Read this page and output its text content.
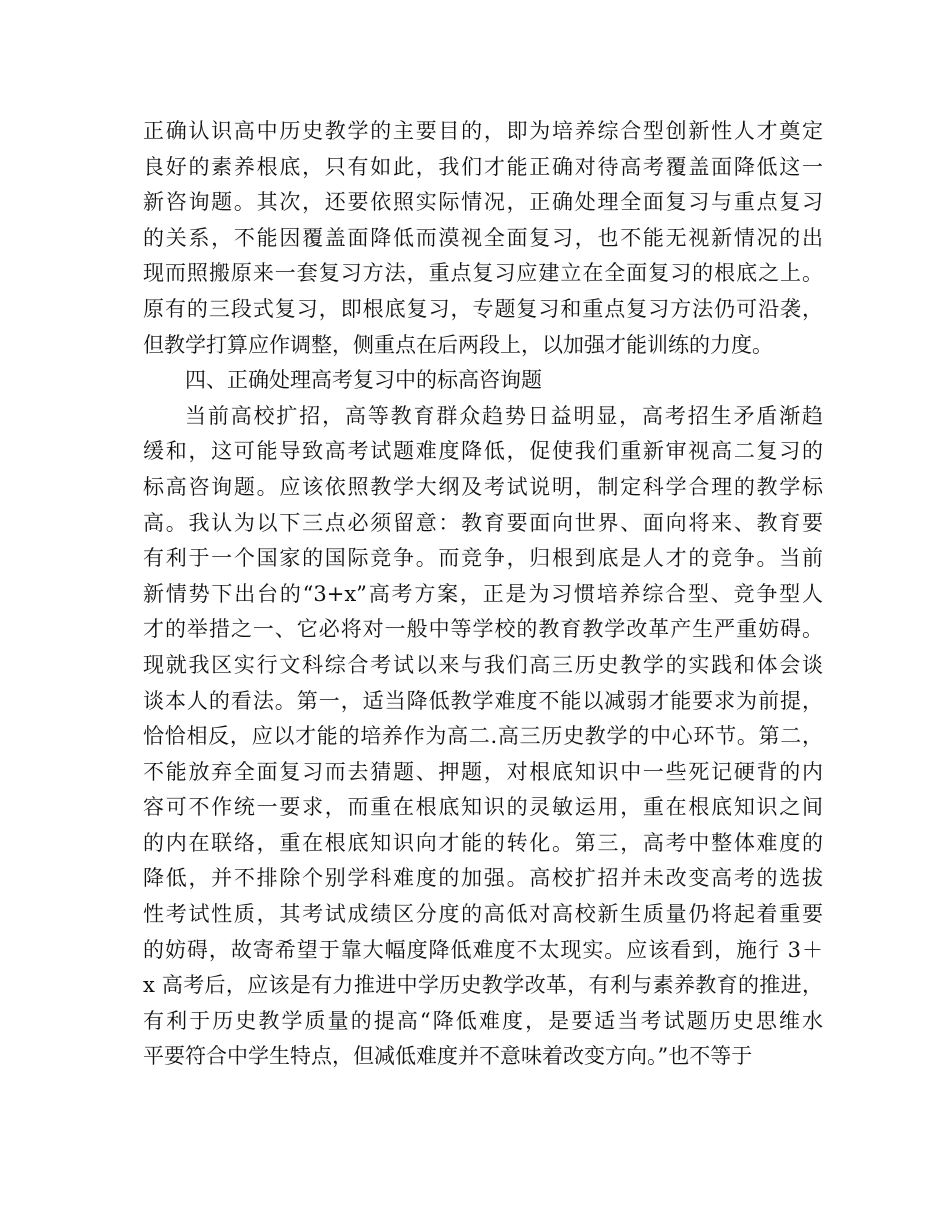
正确认识高中历史教学的主要目的，即为培养综合型创新性人才奠定
良好的素养根底，只有如此，我们才能正确对待高考覆盖面降低这一
新咨询题。其次，还要依照实际情况，正确处理全面复习与重点复习
的关系，不能因覆盖面降低而漠视全面复习，也不能无视新情况的出
现而照搬原来一套复习方法，重点复习应建立在全面复习的根底之上。
原有的三段式复习，即根底复习，专题复习和重点复习方法仍可沿袭，
但教学打算应作调整，侧重点在后两段上，以加强才能训练的力度。
四、正确处理高考复习中的标高咨询题
当前高校扩招，高等教育群众趋势日益明显，高考招生矛盾渐趋
缓和，这可能导致高考试题难度降低，促使我们重新审视高二复习的
标高咨询题。应该依照教学大纲及考试说明，制定科学合理的教学标
高。我认为以下三点必须留意：教育要面向世界、面向将来、教育要
有利于一个国家的国际竞争。而竞争，归根到底是人才的竞争。当前
新情势下出台的“3+x”高考方案，正是为习惯培养综合型、竞争型人
才的举措之一、它必将对一般中等学校的教育教学改革产生严重妨碍。
现就我区实行文科综合考试以来与我们高三历史教学的实践和体会谈
谈本人的看法。第一，适当降低教学难度不能以减弱才能要求为前提，
恰恰相反，应以才能的培养作为高二.高三历史教学的中心环节。第二，
不能放弃全面复习而去猜题、押题，对根底知识中一些死记硬背的内
容可不作统一要求，而重在根底知识的灵敏运用，重在根底知识之间
的内在联络，重在根底知识向才能的转化。第三，高考中整体难度的
降低，并不排除个别学科难度的加强。高校扩招并未改变高考的选拔
性考试性质，其考试成绩区分度的高低对高校新生质量仍将起着重要
的妨碍，故寄希望于靠大幅度降低难度不太现实。应该看到，施行 3＋
x 高考后，应该是有力推进中学历史教学改革，有利与素养教育的推进，
有利于历史教学质量的提高“降低难度，是要适当考试题历史思维水
平要符合中学生特点，但减低难度并不意味着改变方向。”也不等于
